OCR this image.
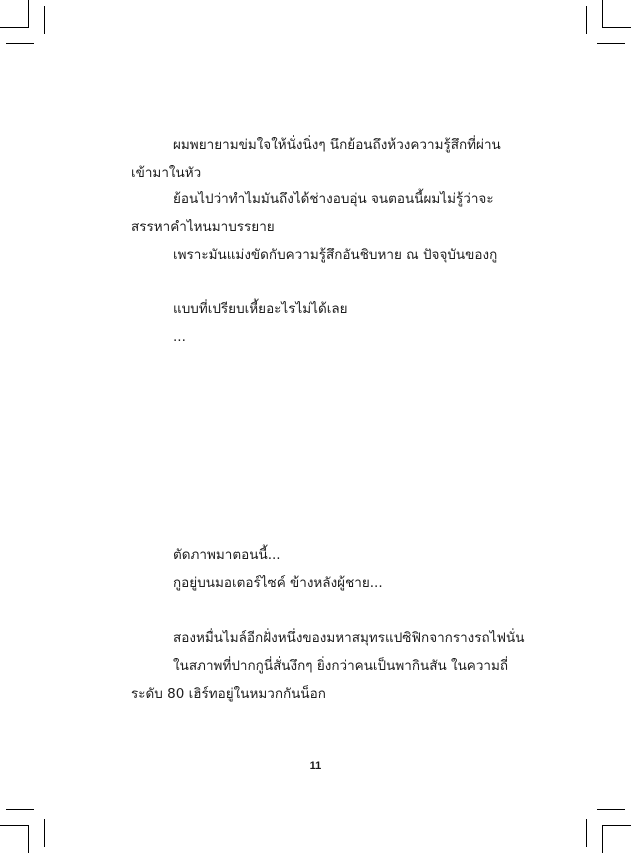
ผมพยายามข่มใจให้นั่งนิ่งๆ นึกย้อนถึงห้วงความรู้สึกที่ผ่าน
เข้ามาในหัว
ย้อนไปว่าทำไมมันถึงได้ช่างอบอุ่น จนตอนนี้ผมไม่รู้ว่าจะ
สรรหาคำไหนมาบรรยาย
เพราะมันแม่งขัดกับความรู้สึกอันชิบหาย ณ ปัจจุบันของกู
แบบที่เปรียบเหี้ยอะไรไม่ได้เลย
...
ตัดภาพมาตอนนี้...
กูอยู่บนมอเตอร์ไซค์ ข้างหลังผู้ชาย...
สองหมื่นไมล์อีกฝั่งหนึ่งของมหาสมุทรแปซิฟิกจากรางรถไฟนั่น
ในสภาพที่ปากกูนี่สั่นงึกๆ ยิ่งกว่าคนเป็นพากินสัน ในความถี่
ระดับ 80 เฮิร์ทอยู่ในหมวกกันน็อก
11
